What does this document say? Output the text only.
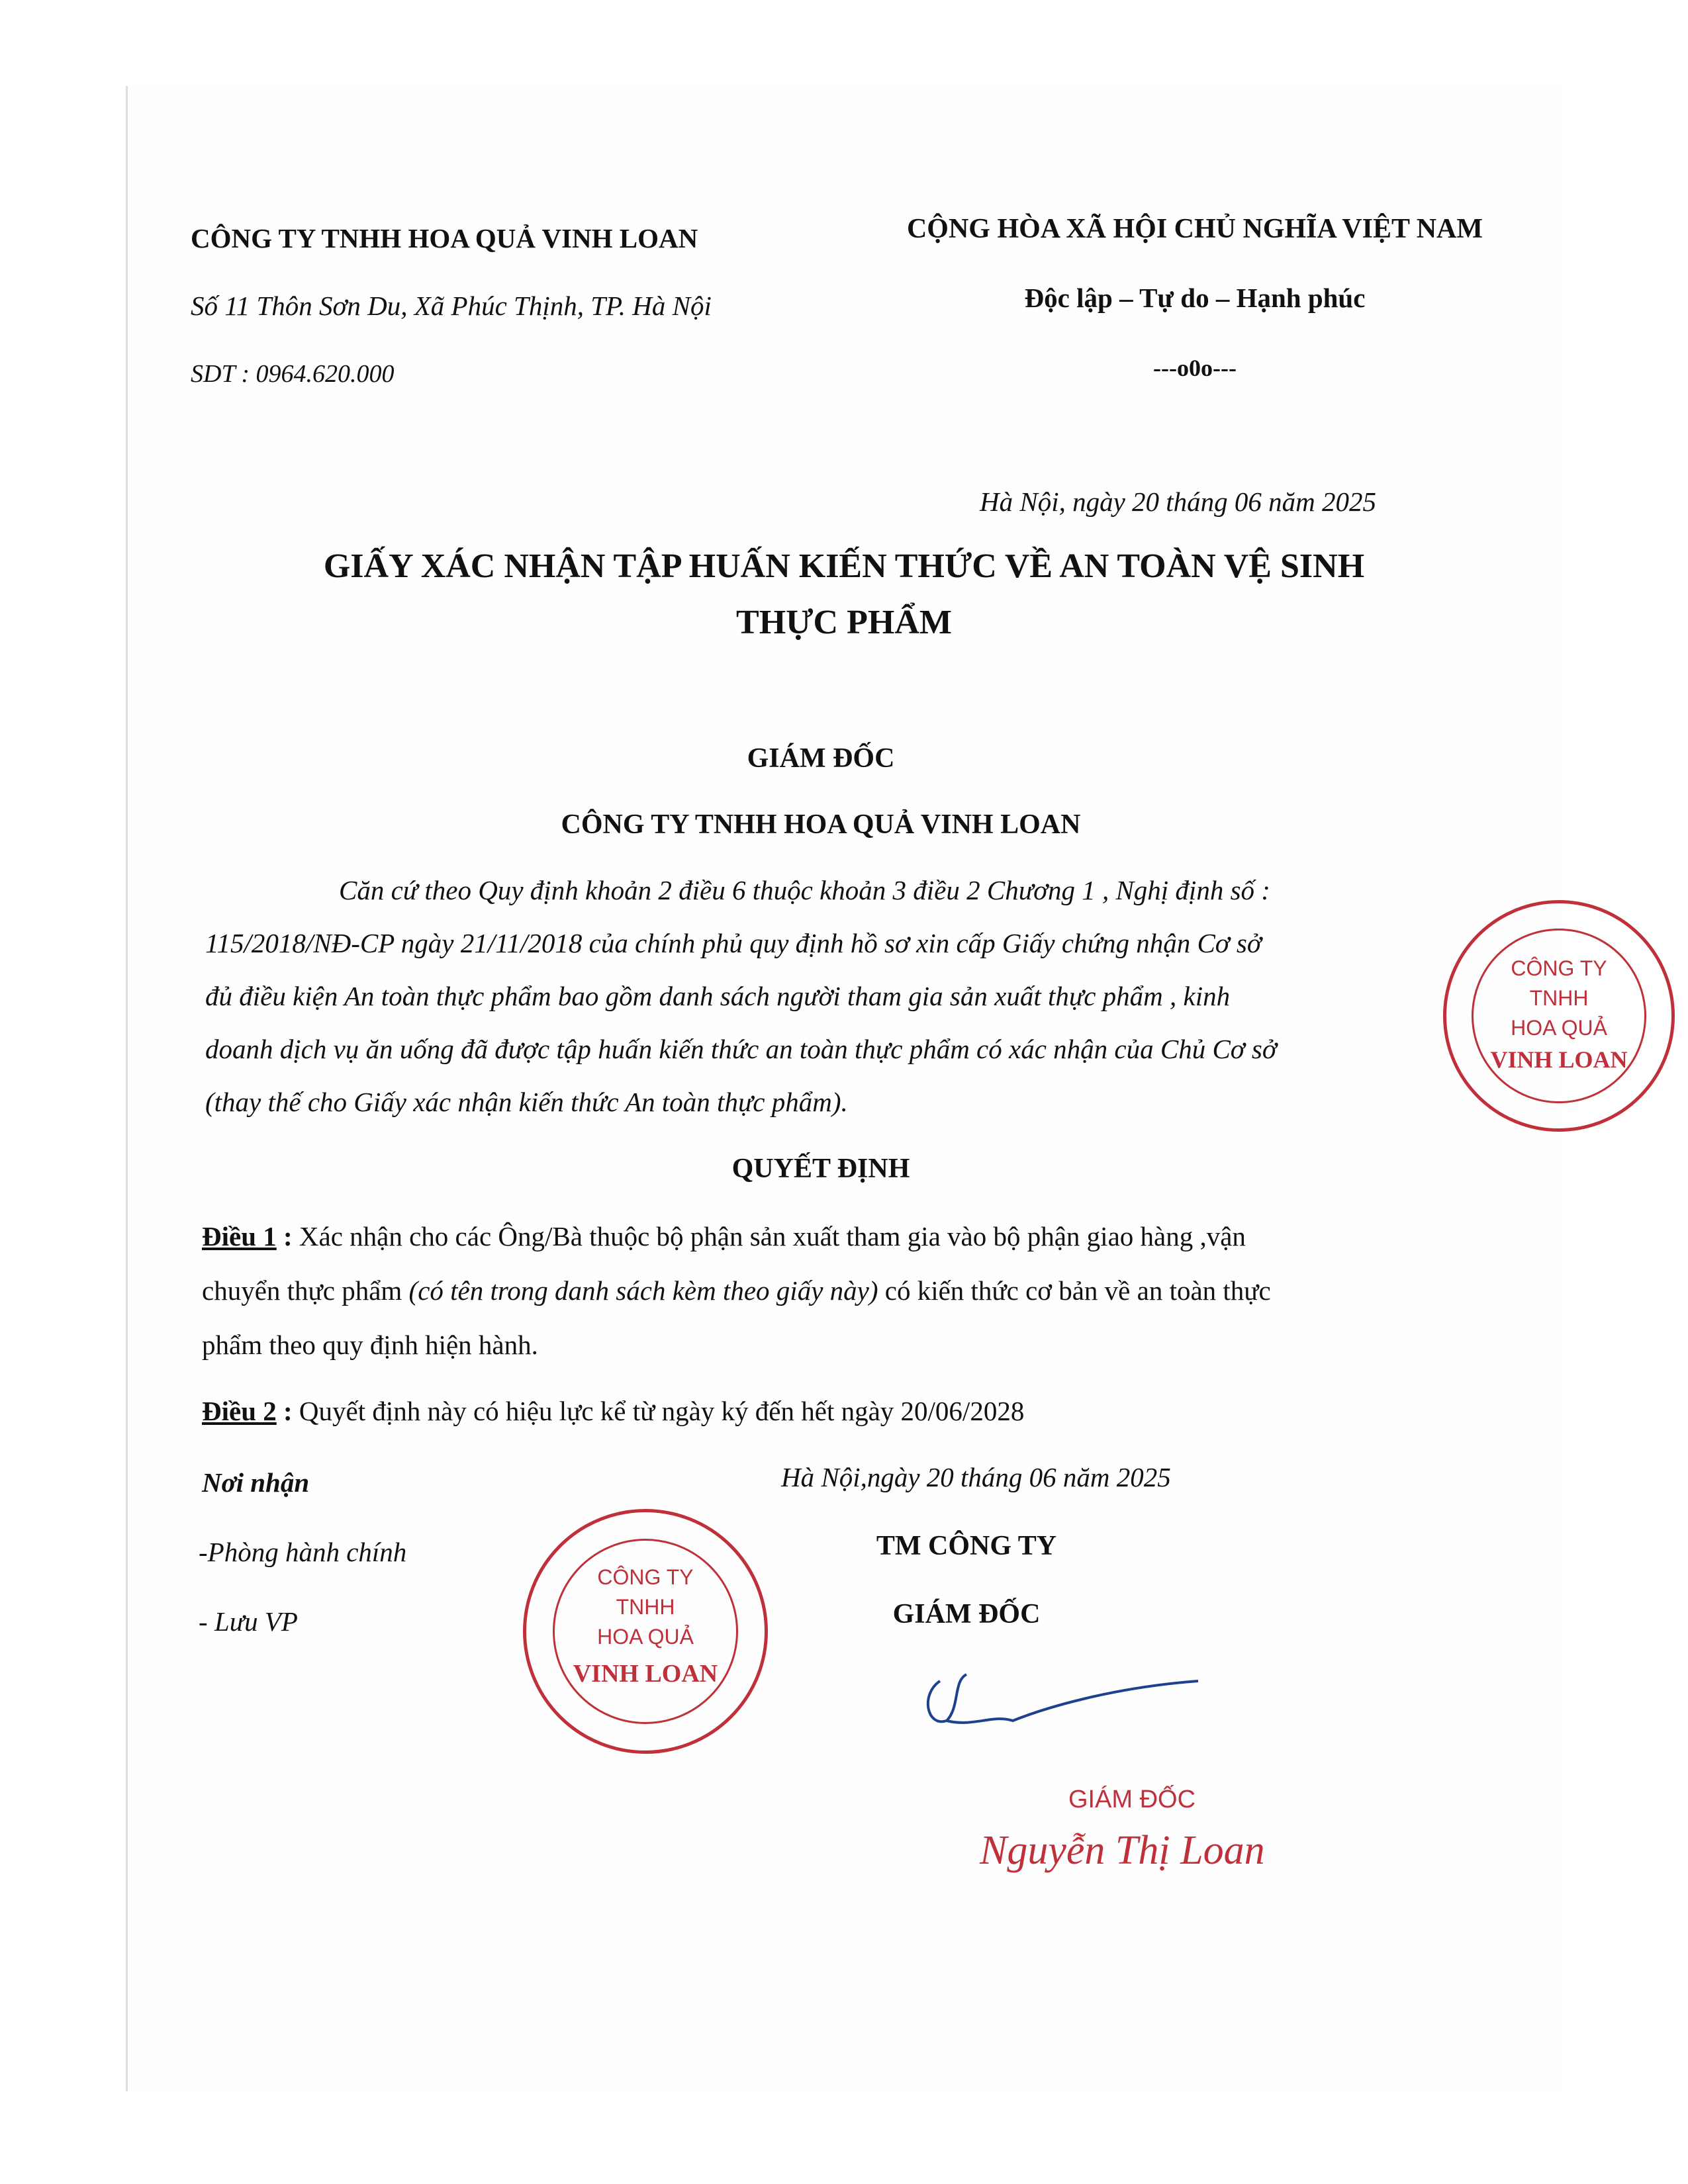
CÔNG TY TNHH HOA QUẢ VINH LOAN
Số 11 Thôn Sơn Du, Xã Phúc Thịnh, TP. Hà Nội
SDT : 0964.620.000
CỘNG HÒA XÃ HỘI CHỦ NGHĨA VIỆT NAM
Độc lập – Tự do – Hạnh phúc
---o0o---
Hà Nội, ngày 20 tháng 06 năm 2025
GIẤY XÁC NHẬN TẬP HUẤN KIẾN THỨC VỀ AN TOÀN VỆ SINH
THỰC PHẨM
GIÁM ĐỐC
CÔNG TY TNHH HOA QUẢ VINH LOAN
Căn cứ theo Quy định khoản 2 điều 6 thuộc khoản 3 điều 2 Chương 1 , Nghị định số :
115/2018/NĐ-CP ngày 21/11/2018 của chính phủ quy định hồ sơ xin cấp Giấy chứng nhận Cơ sở
đủ điều kiện An toàn thực phẩm bao gồm danh sách người tham gia sản xuất thực phẩm , kinh
doanh dịch vụ ăn uống đã được tập huấn kiến thức an toàn thực phẩm có xác nhận của Chủ Cơ sở
(thay thế cho Giấy xác nhận kiến thức An toàn thực phẩm).
QUYẾT ĐỊNH
Điều 1 : Xác nhận cho các Ông/Bà thuộc bộ phận sản xuất tham gia vào bộ phận giao hàng ,vận
chuyển thực phẩm (có tên trong danh sách kèm theo giấy này) có kiến thức cơ bản về an toàn thực
phẩm theo quy định hiện hành.
Điều 2 : Quyết định này có hiệu lực kể từ ngày ký đến hết ngày 20/06/2028
Nơi nhận
-Phòng hành chính
- Lưu VP
Hà Nội,ngày 20 tháng 06 năm 2025
CÔNG TY
TNHH
HOA QUẢ
VINH LOAN
TM CÔNG TY
GIÁM ĐỐC
GIÁM ĐỐC
Nguyễn Thị Loan
CÔNG TY
TNHH
HOA QUẢ
VINH LOAN
